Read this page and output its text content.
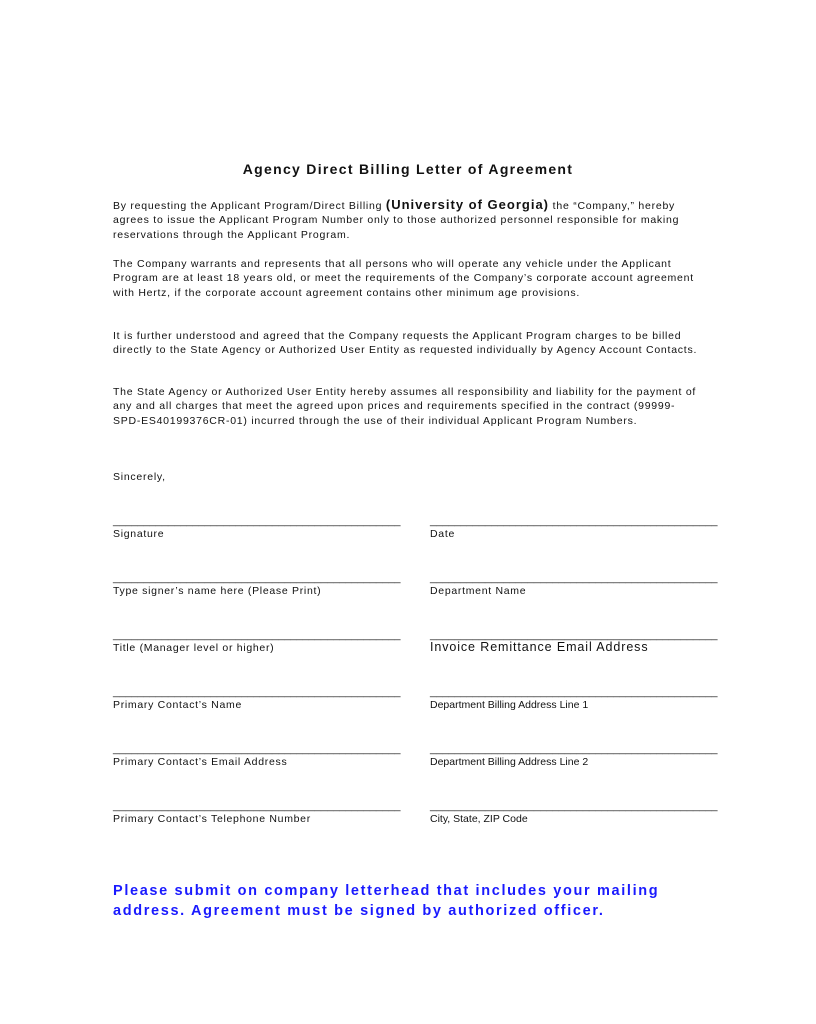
Agency Direct Billing Letter of Agreement

By requesting the Applicant Program/Direct Billing (University of Georgia) the “Company,” hereby agrees to issue the Applicant Program Number only to those authorized personnel responsible for making reservations through the Applicant Program.

The Company warrants and represents that all persons who will operate any vehicle under the Applicant Program are at least 18 years old, or meet the requirements of the Company’s corporate account agreement with Hertz, if the corporate account agreement contains other minimum age provisions.

It is further understood and agreed that the Company requests the Applicant Program charges to be billed directly to the State Agency or Authorized User Entity as requested individually by Agency Account Contacts.

The State Agency or Authorized User Entity hereby assumes all responsibility and liability for the payment of any and all charges that meet the agreed upon prices and requirements specified in the contract (99999-SPD-ES40199376CR-01) incurred through the use of their individual Applicant Program Numbers.

Sincerely,

_______________________________________________
Signature
_______________________________________________
Date
_______________________________________________
Type signer’s name here (Please Print)
_______________________________________________
Department Name
_______________________________________________
Title (Manager level or higher)
_______________________________________________
Invoice Remittance Email Address
_______________________________________________
Primary Contact’s Name
_______________________________________________
Department Billing Address Line 1
_______________________________________________
Primary Contact’s Email Address
_______________________________________________
Department Billing Address Line 2
_______________________________________________
Primary Contact’s Telephone Number
_______________________________________________
City, State, ZIP Code

Please submit on company letterhead that includes your mailing address. Agreement must be signed by authorized officer.
